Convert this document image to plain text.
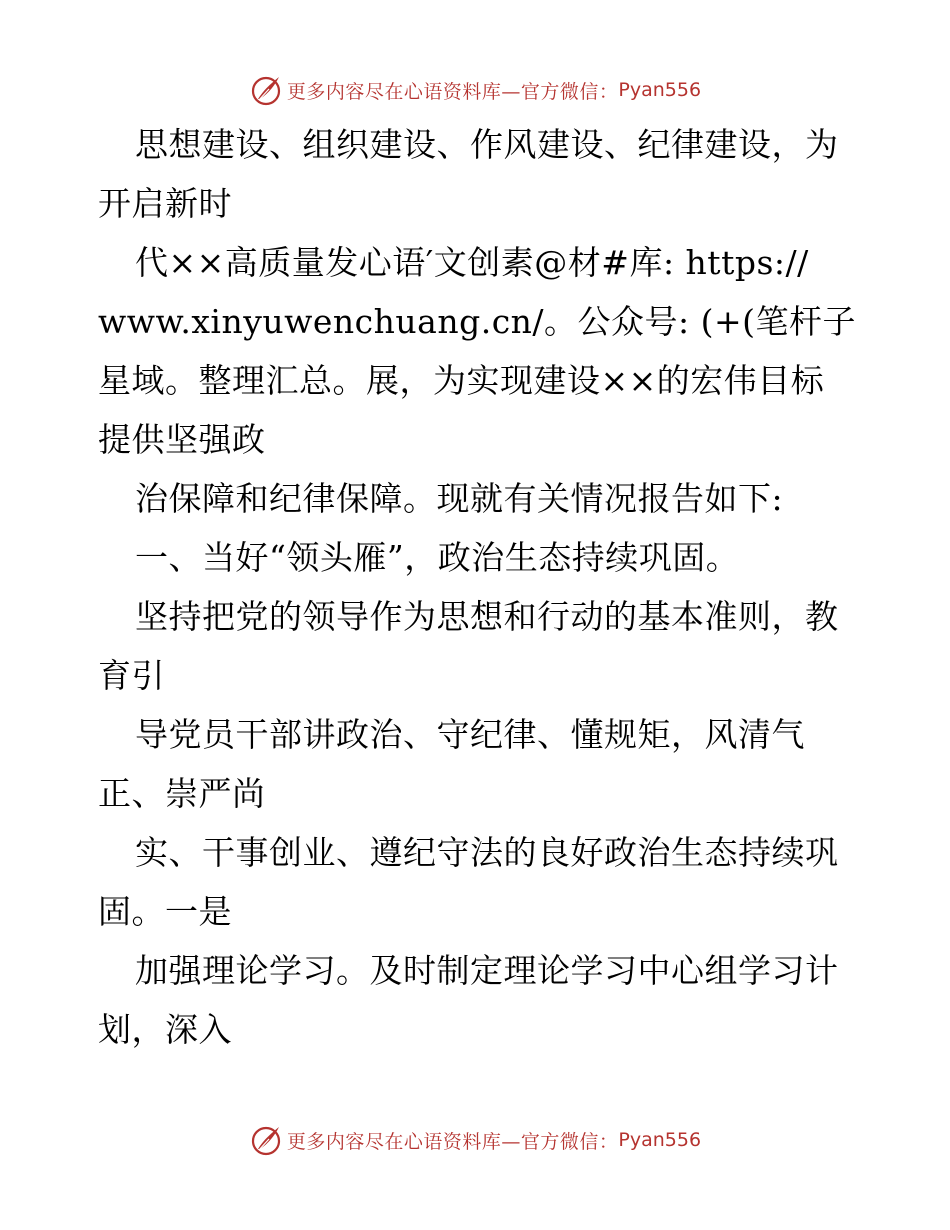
更多内容尽在心语资料库—官方微信： Pyan556
思想建设、组织建设、作风建设、纪律建设，为
开启新时
代××高质量发心语′文创素@材#库: https://
www.xinyuwenchuang.cn/。公众号: (+(笔杆子
星域。整理汇总。展，为实现建设××的宏伟目标
提供坚强政
治保障和纪律保障。现就有关情况报告如下:
一、当好“领头雁”，政治生态持续巩固。
坚持把党的领导作为思想和行动的基本准则，教
育引
导党员干部讲政治、守纪律、懂规矩，风清气
正、崇严尚
实、干事创业、遵纪守法的良好政治生态持续巩
固。一是
加强理论学习。及时制定理论学习中心组学习计
划，深入
更多内容尽在心语资料库—官方微信： Pyan556
